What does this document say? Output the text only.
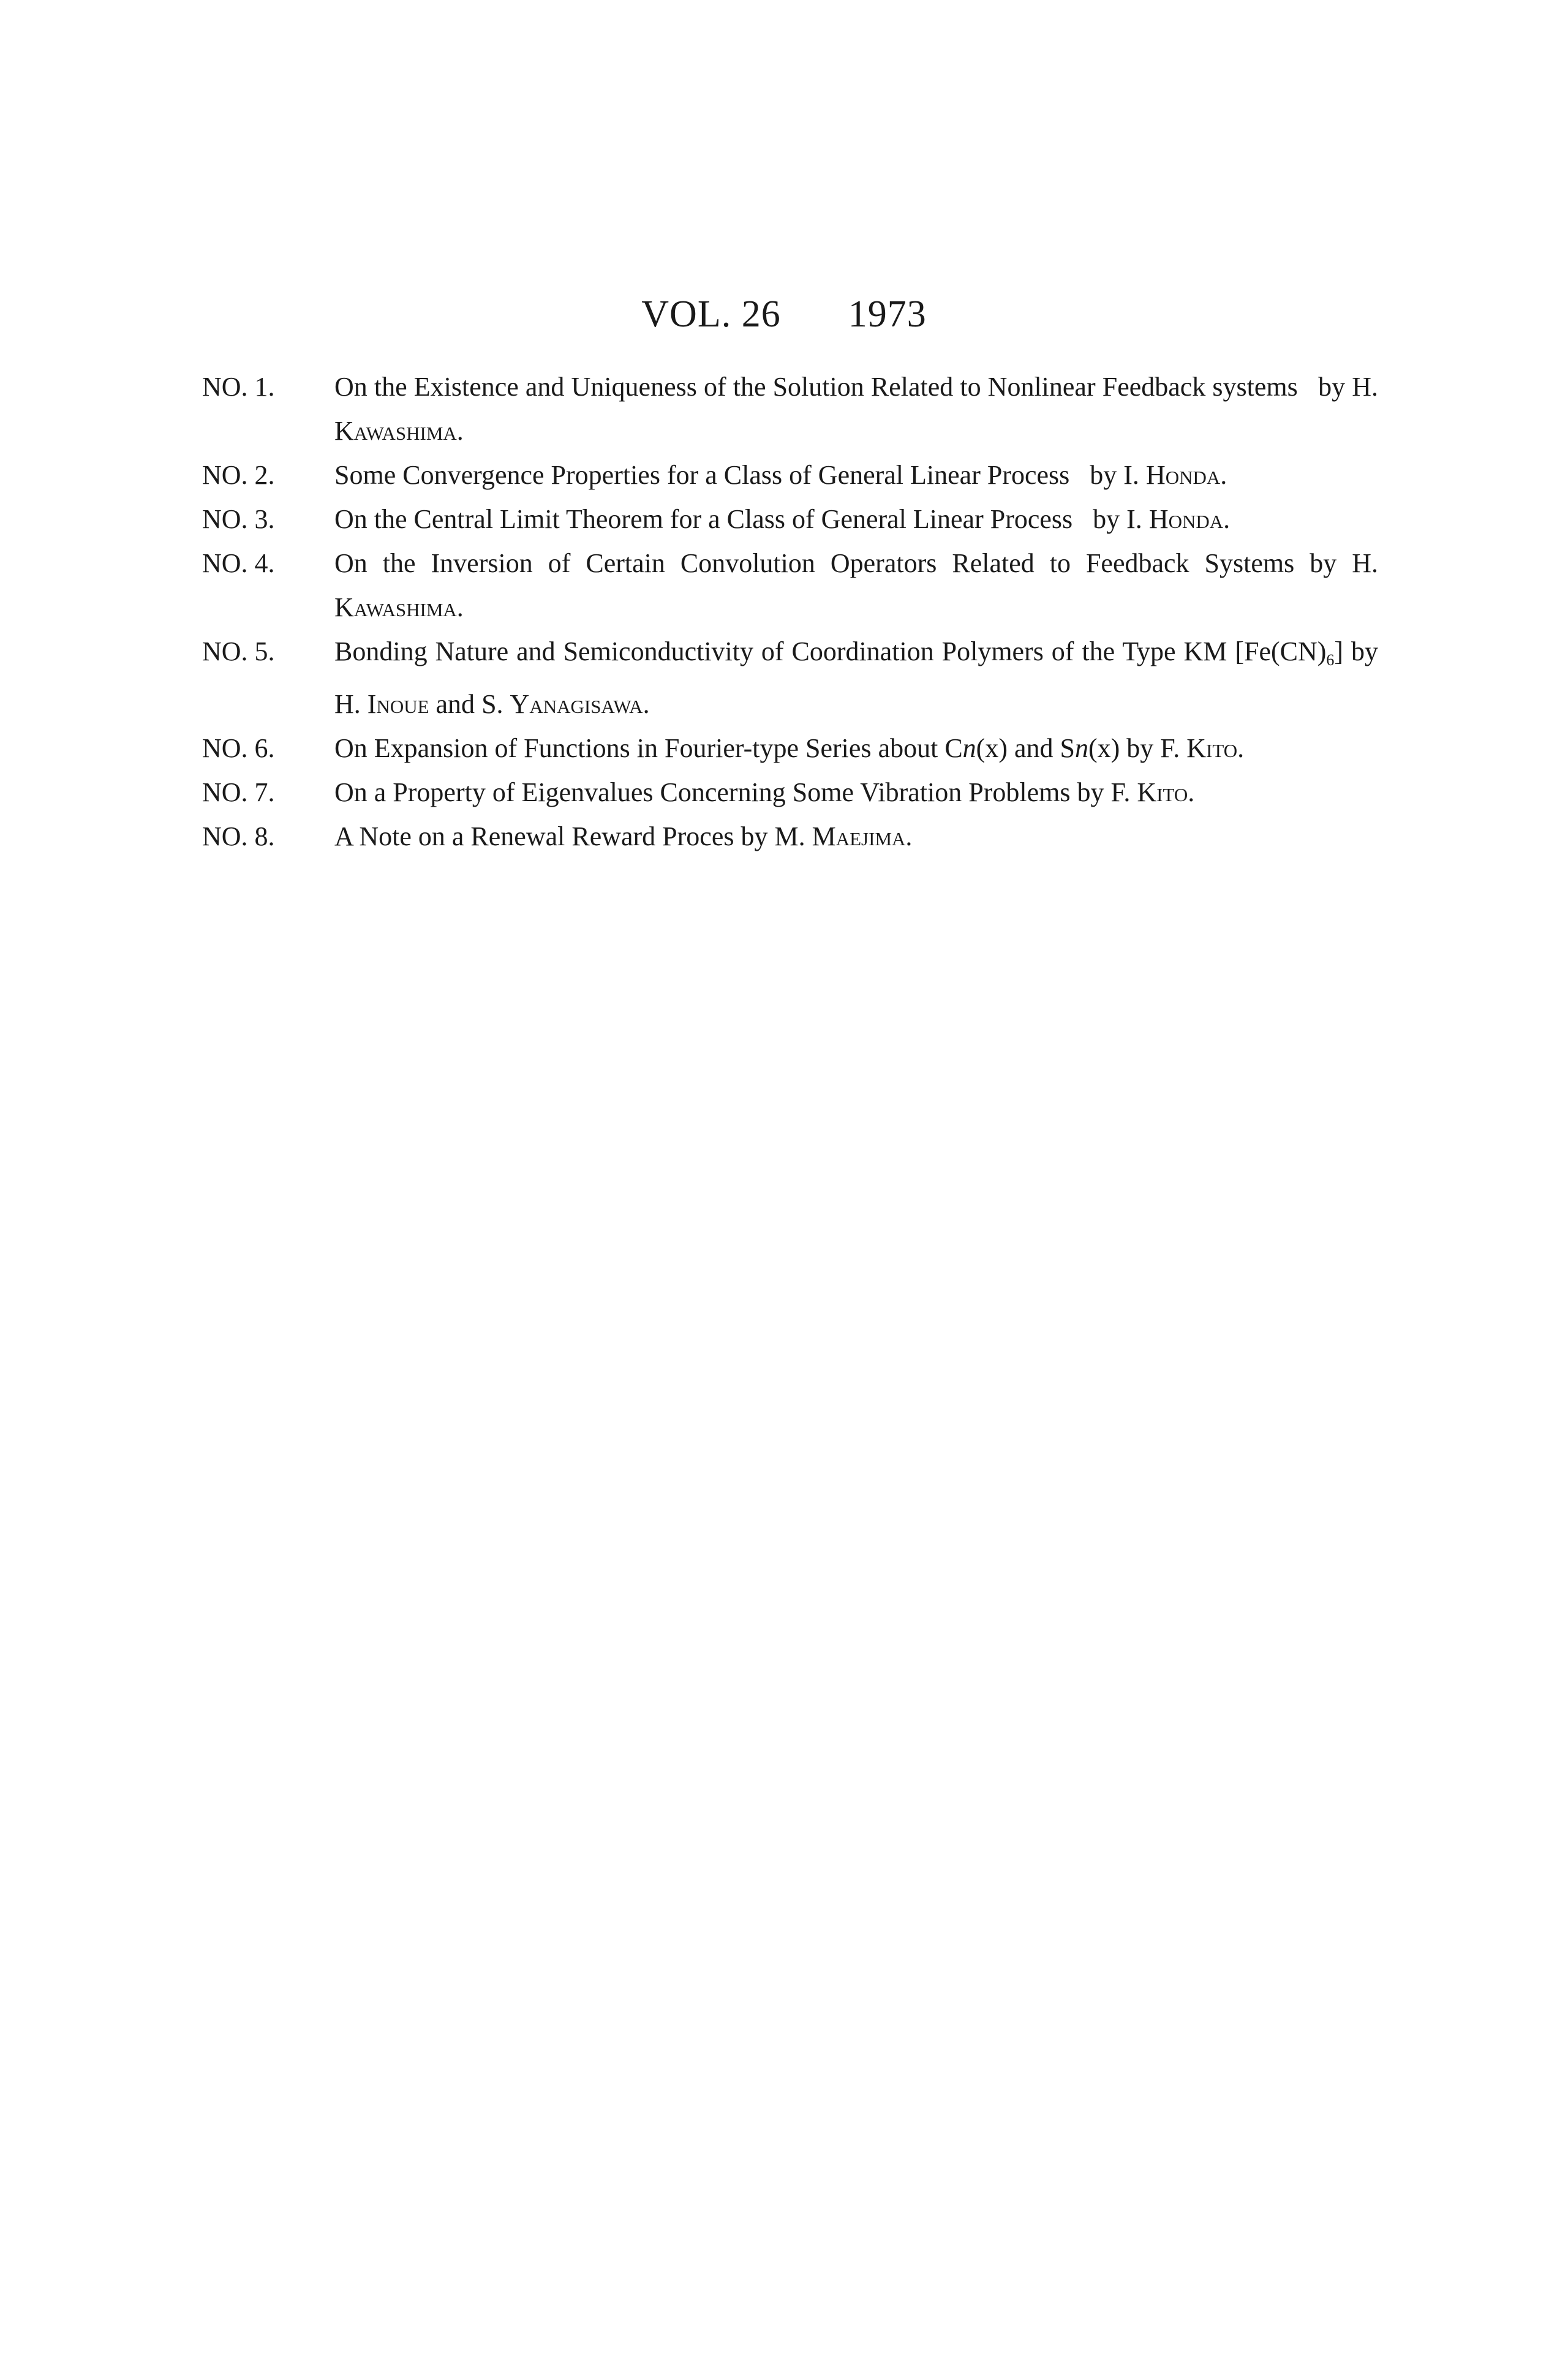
VOL. 26 1973
NO. 1.	On the Existence and Uniqueness of the Solution Related to Nonlinear Feedback systems by H. Kawashima.
NO. 2.	Some Convergence Properties for a Class of General Linear Process by I. Honda.
NO. 3.	On the Central Limit Theorem for a Class of General Linear Process by I. Honda.
NO. 4.	On the Inversion of Certain Convolution Operators Related to Feedback Systems by H. Kawashima.
NO. 5.	Bonding Nature and Semiconductivity of Coordination Polymers of the Type KM $[Fe(CN)_6]$ by H. Inoue and S. Yanagisawa.
NO. 6.	On Expansion of Functions in Fourier-type Series about Cn(x) and Sn(x) by F. Kito.
NO. 7.	On a Property of Eigenvalues Concerning Some Vibration Problems by F. Kito.
NO. 8.	A Note on a Renewal Reward Proces by M. Maejima.
